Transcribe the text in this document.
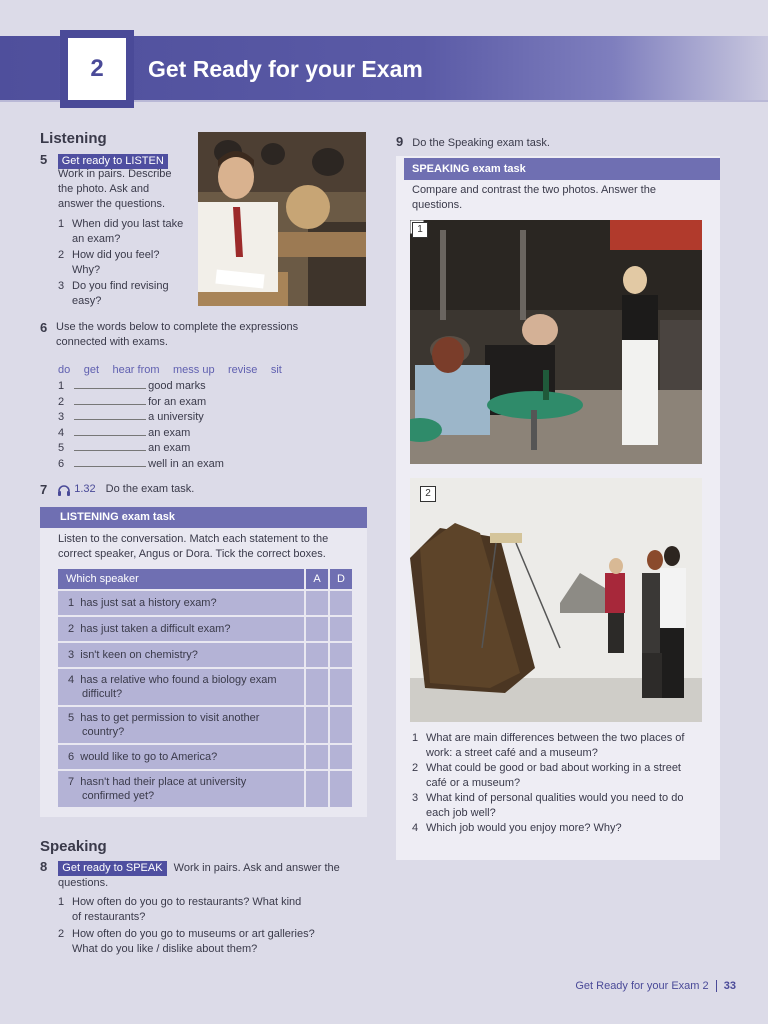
2	Get Ready for your Exam
Listening
5 Get ready to LISTEN
Work in pairs. Describe
the photo. Ask and
answer the questions.
1 When did you last take
an exam?
2 How did you feel?
Why?
3 Do you find revising
easy?
6 Use the words below to complete the expressions
connected with exams.
do get hear from mess up revise sit
1	good marks
2	for an exam
3	a university
4	an exam
5	an exam
6	well in an exam
7 1.32 Do the exam task.
LISTENING exam task
Listen to the conversation. Match each statement to the
correct speaker, Angus or Dora. Tick the correct boxes.
Which speaker	A	D
1 has just sat a history exam?		
2 has just taken a difficult exam?		
3 isn't keen on chemistry?		
4 has a relative who found a biology exam
difficult?		
5 has to get permission to visit another
country?		
6 would like to go to America?		
7 hasn't had their place at university
confirmed yet?		
Speaking
8 Get ready to SPEAK Work in pairs. Ask and answer the
questions.
1 How often do you go to restaurants? What kind
of restaurants?
2 How often do you go to museums or art galleries?
What do you like / dislike about them?
9 Do the Speaking exam task.
SPEAKING exam task
Compare and contrast the two photos. Answer the
questions.
1
2
1 What are main differences between the two places of
work: a street café and a museum?
2 What could be good or bad about working in a street
café or a museum?
3 What kind of personal qualities would you need to do
each job well?
4 Which job would you enjoy more? Why?
Get Ready for your Exam 2 33
